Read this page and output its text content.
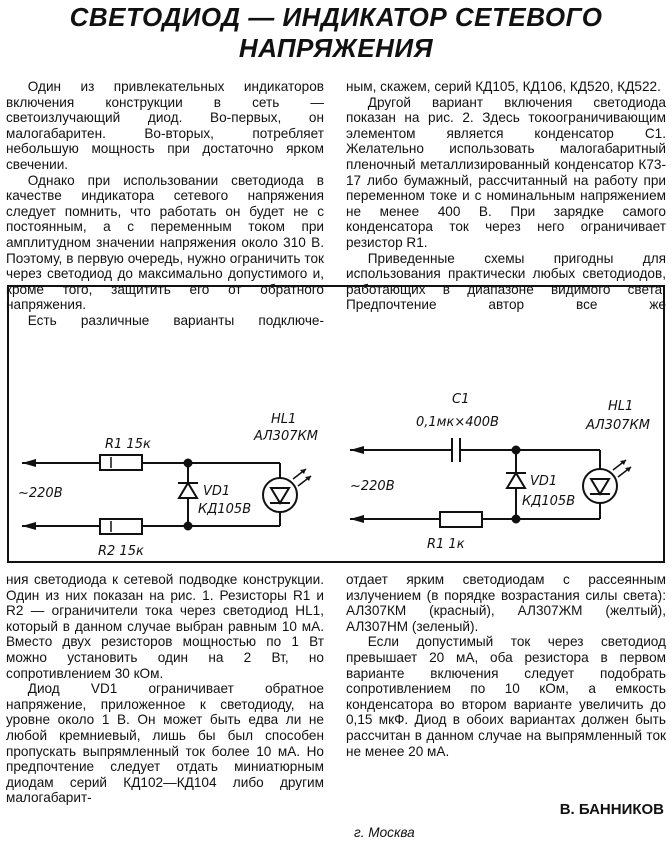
СВЕТОДИОД — ИНДИКАТОР СЕТЕВОГО
НАПРЯЖЕНИЯ

Один из привлекательных индикаторов включения конструкции в сеть — светоизлучающий диод. Во-первых, он малогабаритен. Во-вторых, потребляет небольшую мощность при достаточно ярком свечении.

Однако при использовании светодиода в качестве индикатора сетевого напряжения следует помнить, что работать он будет не с постоянным, а с переменным током при амплитудном значении напряжения около 310 В. Поэтому, в первую очередь, нужно ограничить ток через светодиод до максимально допустимого и, кроме того, защитить его от обратного напряжения.

Есть различные варианты подключе-

ным, скажем, серий КД105, КД106, КД520, КД522.

Другой вариант включения светодиода показан на рис. 2. Здесь токоограничивающим элементом является конденсатор С1. Желательно использовать малогабаритный пленочный металлизированный конденсатор К73-17 либо бумажный, рассчитанный на работу при переменном токе и с номинальным напряжением не менее 400 В. При зарядке самого конденсатора ток через него ограничивает резистор R1.

Приведенные схемы пригодны для использования практически любых светодиодов, работающих в диапазоне видимого света. Предпочтение автор все же

R1 15к
R2 15к
~220В	VD1
КД105В
HL1
АЛ307КМ
C1
0,1мк×400В
R1 1к
~220В	VD1
КД105В
HL1
АЛ307КМ

ния светодиода к сетевой подводке конструкции. Один из них показан на рис. 1. Резисторы R1 и R2 — ограничители тока через светодиод HL1, который в данном случае выбран равным 10 мА. Вместо двух резисторов мощностью по 1 Вт можно установить один на 2 Вт, но сопротивлением 30 кОм.

Диод VD1 ограничивает обратное напряжение, приложенное к светодиоду, на уровне около 1 В. Он может быть едва ли не любой кремниевый, лишь бы был способен пропускать выпрямленный ток более 10 мА. Но предпочтение следует отдать миниатюрным диодам серий КД102—КД104 либо другим малогабарит-

отдает ярким светодиодам с рассеянным излучением (в порядке возрастания силы света): АЛ307КМ (красный), АЛ307ЖМ (желтый), АЛ307НМ (зеленый).

Если допустимый ток через светодиод превышает 20 мА, оба резистора в первом варианте включения следует подобрать сопротивлением по 10 кОм, а емкость конденсатора во втором варианте увеличить до 0,15 мкФ. Диод в обоих вариантах должен быть рассчитан в данном случае на выпрямленный ток не менее 20 мА.

В. БАННИКОВ
г. Москва
